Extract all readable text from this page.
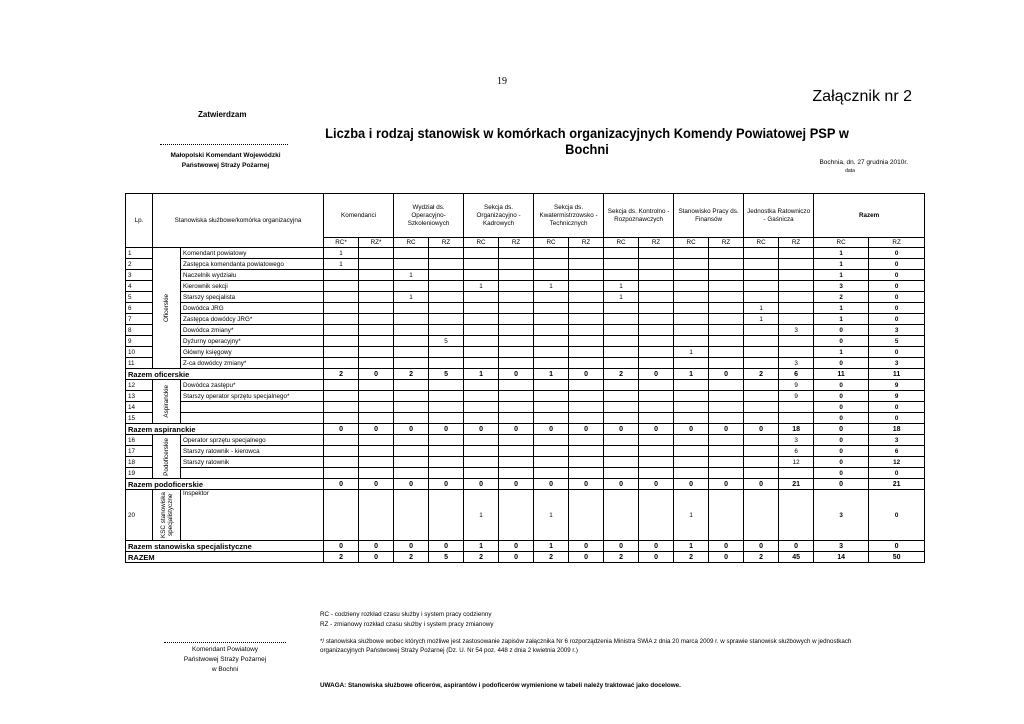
19
Załącznik nr 2
Zatwierdzam
Małopolski Komendant Wojewódzki
Państwowej Straży Pożarnej
Liczba i rodzaj stanowisk w komórkach organizacyjnych Komendy Powiatowej PSP w Bochni
Bochnia, dn. 27 grudnia 2010r.
data
Lp.	Stanowiska służbowe/komórka organizacyjna		Komendanci		Wydział ds. Operacyjno-Szkoleniowych		Sekcja ds. Organizacyjno - Kadrowych		Sekcja ds. Kwatermistrzowsko - Technicznych		Sekcja ds. Kontrolno - Rozpoznawczych		Stanowisko Pracy ds. Finansów		Jednostka Ratowniczo - Gaśnicza		Razem		
			RC*	RZ*	RC	RZ	RC	RZ	RC	RZ	RC	RZ	RC	RZ	RC	RZ	RC	RZ		
1	Oficerskie	Komendant powiatowy	1														1	0	
2		Zastępca komendanta powiatowego	1														1	0	
3		Naczelnik wydziału			1												1	0	
4		Kierownik sekcji					1		1		1						3	0	
5		Starszy specjalista			1						1						2	0	
6		Dowódca JRG													1		1	0	
7		Zastępca dowódcy JRG*													1		1	0	
8		Dowódca zmiany*														3	0	3	
9		Dyżurny operacyjny*				5											0	5	
10		Główny księgowy											1				1	0	
11		Z-ca dowódcy zmiany*														3	0	3	
Razem oficerskie			2	0	2	5	1	0	1	0	2	0	1	0	2	6	11	11	
12	Aspiranckie	Dowódca zastępu*														9	0	9	
13		Starszy operator sprzętu specjalnego*														9	0	9	
14																	0	0	
15																	0	0	
Razem aspiranckie			0	0	0	0	0	0	0	0	0	0	0	0	0	18	0	18	
16	Podoficerskie	Operator sprzętu specjalnego														3	0	3	
17		Starszy ratownik - kierowca														6	0	6	
18		Starszy ratownik														12	0	12	
19																	0	0	
Razem podoficerskie			0	0	0	0	0	0	0	0	0	0	0	0	0	21	0	21	
20	KSC stanowiska specjalistyczne	Inspektor					1		1				1				3	0	
Razem stanowiska specjalistyczne			0	0	0	0	1	0	1	0	0	0	1	0	0	0	3	0	
RAZEM			2	0	2	5	2	0	2	0	2	0	2	0	2	45	14	50	
RC - codzieny rozkład czasu służby i system pracy codzienny
RZ - zmianowy rozkład czasu służby i system pracy zmianowy
*/ stanowiska służbowe wobec których możliwe jest zastosowanie zapisów załącznika Nr 6 rozporządzenia Ministra SWiA z dnia 20 marca 2009 r. w sprawie stanowisk służbowych w jednostkach organizacyjnych Państwowej Straży Pożarnej (Dz. U. Nr 54 poz. 448 z dnia 2 kwietnia 2009 r.)
UWAGA: Stanowiska służbowe oficerów, aspirantów i podoficerów wymienione w tabeli należy traktować jako docelowe.
Komendant Powiatowy
Państwowej Straży Pożarnej
w Bochni
